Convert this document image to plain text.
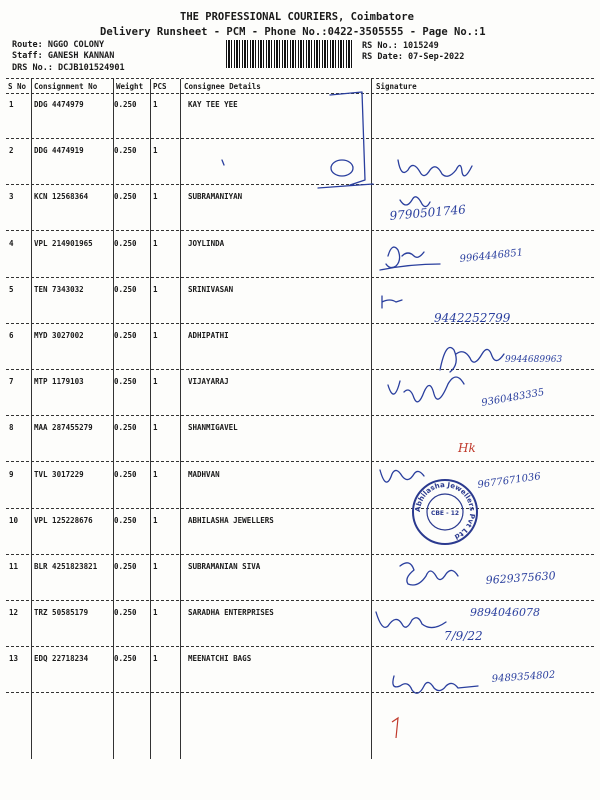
THE PROFESSIONAL COURIERS, Coimbatore
Delivery Runsheet - PCM - Phone No.:0422-3505555 - Page No.:1
Route: NGGO COLONY
Staff: GANESH KANNAN
DRS No.: DCJB101524901
RS No.: 1015249
RS Date: 07-Sep-2022
S No Consignment No	Weight PCS Consignee Details	Signature
1	DDG 4474979	0.250 1	KAY TEE YEE
2	DDG 4474919	0.250 1
3	KCN 12568364	0.250 1	SUBRAMANIYAN
4	VPL 214901965	0.250 1	JOYLINDA
5	TEN 7343032	0.250 1	SRINIVASAN
6	MYD 3027002	0.250 1	ADHIPATHI
7	MTP 1179103	0.250 1	VIJAYARAJ
8	MAA 287455279	0.250 1	SHANMIGAVEL
9	TVL 3017229	0.250 1	MADHVAN
10 VPL 125228676	0.250 1	ABHILASHA JEWELLERS
11 BLR 4251823821 0.250 1	SUBRAMANIAN SIVA
12 TRZ 50585179	0.250 1	SARADHA ENTERPRISES
13 EDQ 22718234	0.250 1	MEENATCHI BAGS
9790501746
9964446851
9442252799
9944689963
9360483335
9677671036
9629375630
9894046078
7/9/22
9489354802
Hk
Abhilasha Jewellers Pvt Ltd
CBE - 12
